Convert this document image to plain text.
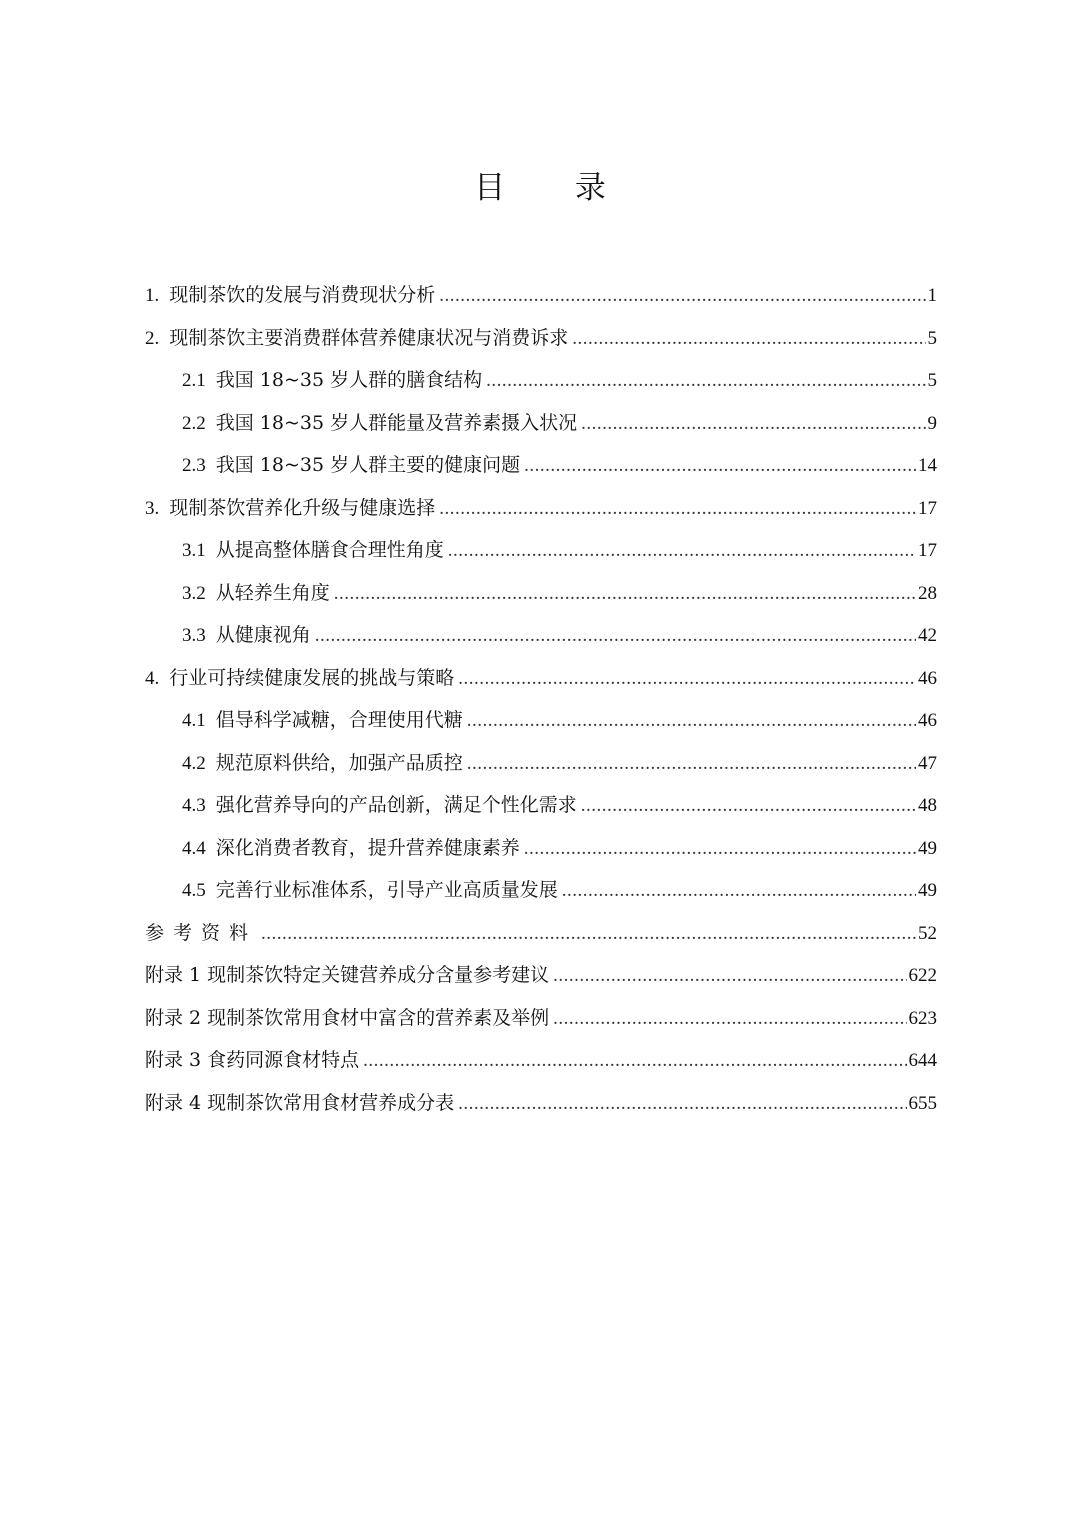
目 录
1. 现制茶饮的发展与消费现状分析 .....	1
2. 现制茶饮主要消费群体营养健康状况与消费诉求 .....	5
2.1 我国 18~35 岁人群的膳食结构 .....	5
2.2 我国 18~35 岁人群能量及营养素摄入状况 .....	9
2.3 我国 18~35 岁人群主要的健康问题 .....	14
3. 现制茶饮营养化升级与健康选择 .....	17
3.1 从提高整体膳食合理性角度 .....	17
3.2 从轻养生角度 .....	28
3.3 从健康视角 .....	42
4. 行业可持续健康发展的挑战与策略 .....	46
4.1 倡导科学减糖，合理使用代糖 .....	46
4.2 规范原料供给，加强产品质控 .....	47
4.3 强化营养导向的产品创新，满足个性化需求 .....	48
4.4 深化消费者教育，提升营养健康素养 .....	49
4.5 完善行业标准体系，引导产业高质量发展 .....	49
参考资料 .....	52
附录 1 现制茶饮特定关键营养成分含量参考建议 .....	622
附录 2 现制茶饮常用食材中富含的营养素及举例 .....	623
附录 3 食药同源食材特点 .....	644
附录 4 现制茶饮常用食材营养成分表 .....	655
